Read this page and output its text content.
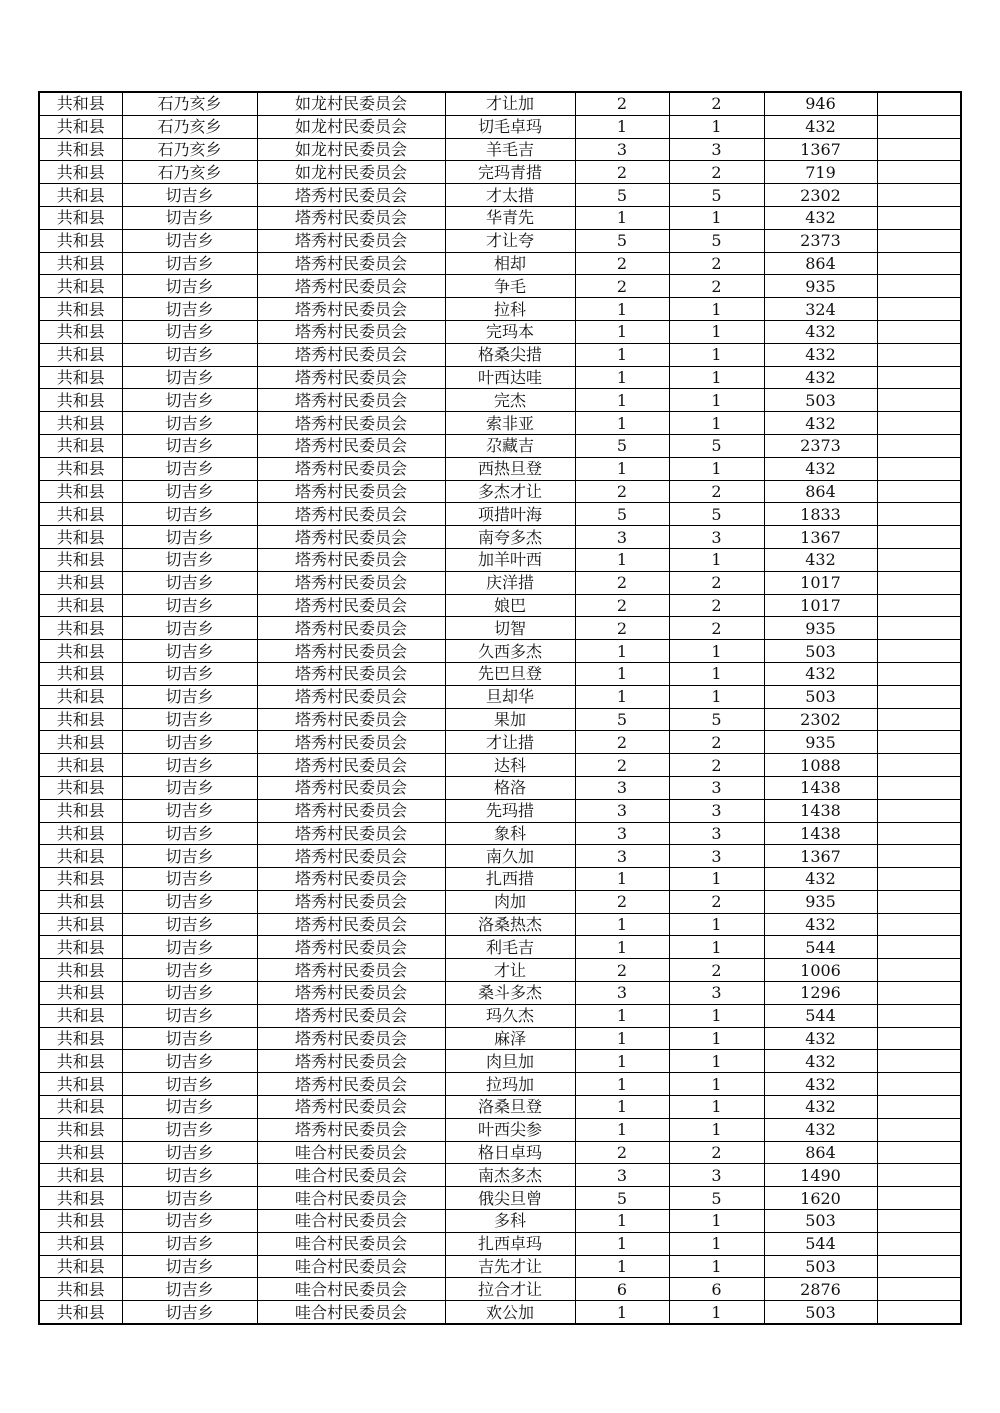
共和县	石乃亥乡	如龙村民委员会	才让加	2	2	946	
共和县	石乃亥乡	如龙村民委员会	切毛卓玛	1	1	432	
共和县	石乃亥乡	如龙村民委员会	羊毛吉	3	3	1367	
共和县	石乃亥乡	如龙村民委员会	完玛青措	2	2	719	
共和县	切吉乡	塔秀村民委员会	才太措	5	5	2302	
共和县	切吉乡	塔秀村民委员会	华青先	1	1	432	
共和县	切吉乡	塔秀村民委员会	才让夸	5	5	2373	
共和县	切吉乡	塔秀村民委员会	相却	2	2	864	
共和县	切吉乡	塔秀村民委员会	争毛	2	2	935	
共和县	切吉乡	塔秀村民委员会	拉科	1	1	324	
共和县	切吉乡	塔秀村民委员会	完玛本	1	1	432	
共和县	切吉乡	塔秀村民委员会	格桑尖措	1	1	432	
共和县	切吉乡	塔秀村民委员会	叶西达哇	1	1	432	
共和县	切吉乡	塔秀村民委员会	完杰	1	1	503	
共和县	切吉乡	塔秀村民委员会	索非亚	1	1	432	
共和县	切吉乡	塔秀村民委员会	尕藏吉	5	5	2373	
共和县	切吉乡	塔秀村民委员会	西热旦登	1	1	432	
共和县	切吉乡	塔秀村民委员会	多杰才让	2	2	864	
共和县	切吉乡	塔秀村民委员会	项措叶海	5	5	1833	
共和县	切吉乡	塔秀村民委员会	南夸多杰	3	3	1367	
共和县	切吉乡	塔秀村民委员会	加羊叶西	1	1	432	
共和县	切吉乡	塔秀村民委员会	庆洋措	2	2	1017	
共和县	切吉乡	塔秀村民委员会	娘巴	2	2	1017	
共和县	切吉乡	塔秀村民委员会	切智	2	2	935	
共和县	切吉乡	塔秀村民委员会	久西多杰	1	1	503	
共和县	切吉乡	塔秀村民委员会	先巴旦登	1	1	432	
共和县	切吉乡	塔秀村民委员会	旦却华	1	1	503	
共和县	切吉乡	塔秀村民委员会	果加	5	5	2302	
共和县	切吉乡	塔秀村民委员会	才让措	2	2	935	
共和县	切吉乡	塔秀村民委员会	达科	2	2	1088	
共和县	切吉乡	塔秀村民委员会	格洛	3	3	1438	
共和县	切吉乡	塔秀村民委员会	先玛措	3	3	1438	
共和县	切吉乡	塔秀村民委员会	象科	3	3	1438	
共和县	切吉乡	塔秀村民委员会	南久加	3	3	1367	
共和县	切吉乡	塔秀村民委员会	扎西措	1	1	432	
共和县	切吉乡	塔秀村民委员会	肉加	2	2	935	
共和县	切吉乡	塔秀村民委员会	洛桑热杰	1	1	432	
共和县	切吉乡	塔秀村民委员会	利毛吉	1	1	544	
共和县	切吉乡	塔秀村民委员会	才让	2	2	1006	
共和县	切吉乡	塔秀村民委员会	桑斗多杰	3	3	1296	
共和县	切吉乡	塔秀村民委员会	玛久杰	1	1	544	
共和县	切吉乡	塔秀村民委员会	麻泽	1	1	432	
共和县	切吉乡	塔秀村民委员会	肉旦加	1	1	432	
共和县	切吉乡	塔秀村民委员会	拉玛加	1	1	432	
共和县	切吉乡	塔秀村民委员会	洛桑旦登	1	1	432	
共和县	切吉乡	塔秀村民委员会	叶西尖参	1	1	432	
共和县	切吉乡	哇合村民委员会	格日卓玛	2	2	864	
共和县	切吉乡	哇合村民委员会	南杰多杰	3	3	1490	
共和县	切吉乡	哇合村民委员会	俄尖旦曾	5	5	1620	
共和县	切吉乡	哇合村民委员会	多科	1	1	503	
共和县	切吉乡	哇合村民委员会	扎西卓玛	1	1	544	
共和县	切吉乡	哇合村民委员会	吉先才让	1	1	503	
共和县	切吉乡	哇合村民委员会	拉合才让	6	6	2876	
共和县	切吉乡	哇合村民委员会	欢公加	1	1	503	
